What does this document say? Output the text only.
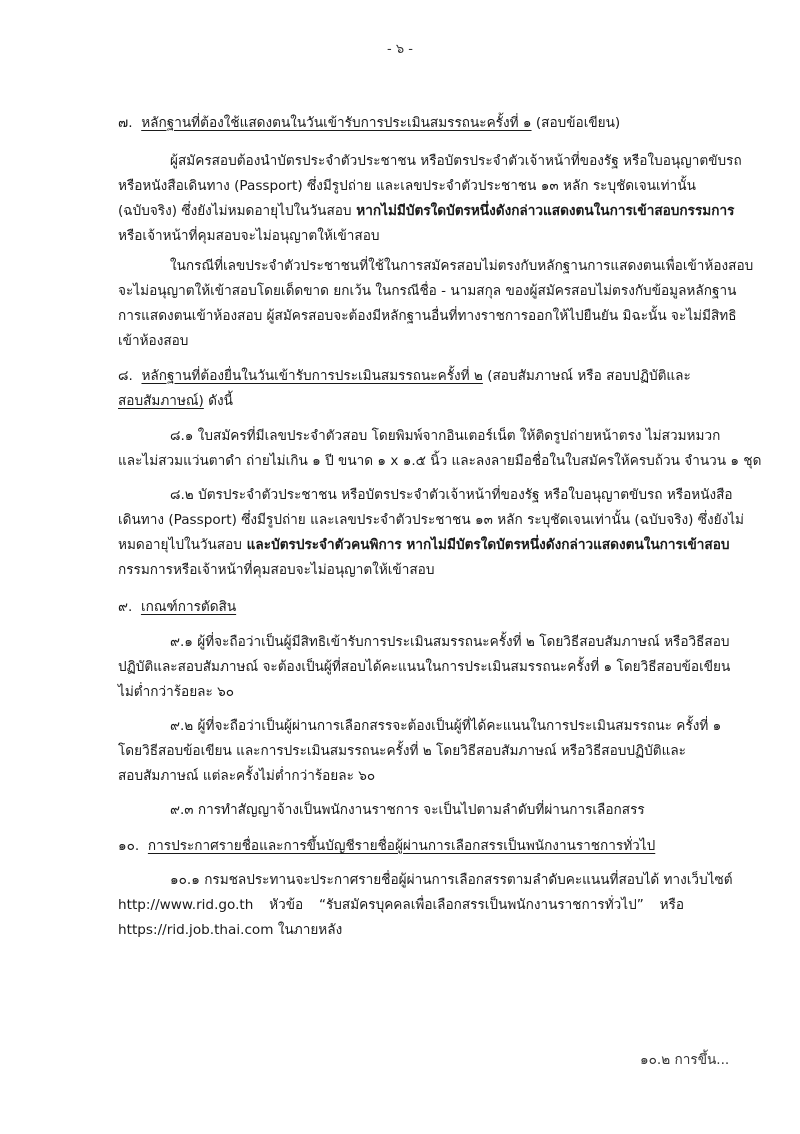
- ๖ -
๗. หลักฐานที่ต้องใช้แสดงตนในวันเข้ารับการประเมินสมรรถนะครั้งที่ ๑ (สอบข้อเขียน)
ผู้สมัครสอบต้องนำบัตรประจำตัวประชาชน หรือบัตรประจำตัวเจ้าหน้าที่ของรัฐ หรือใบอนุญาตขับรถ
หรือหนังสือเดินทาง (Passport) ซึ่งมีรูปถ่าย และเลขประจำตัวประชาชน ๑๓ หลัก ระบุชัดเจนเท่านั้น
(ฉบับจริง) ซึ่งยังไม่หมดอายุไปในวันสอบ หากไม่มีบัตรใดบัตรหนึ่งดังกล่าวแสดงตนในการเข้าสอบกรรมการ
หรือเจ้าหน้าที่คุมสอบจะไม่อนุญาตให้เข้าสอบ
ในกรณีที่เลขประจำตัวประชาชนที่ใช้ในการสมัครสอบไม่ตรงกับหลักฐานการแสดงตนเพื่อเข้าห้องสอบ
จะไม่อนุญาตให้เข้าสอบโดยเด็ดขาด ยกเว้น ในกรณีชื่อ - นามสกุล ของผู้สมัครสอบไม่ตรงกับข้อมูลหลักฐาน
การแสดงตนเข้าห้องสอบ ผู้สมัครสอบจะต้องมีหลักฐานอื่นที่ทางราชการออกให้ไปยืนยัน มิฉะนั้น จะไม่มีสิทธิ
เข้าห้องสอบ
๘. หลักฐานที่ต้องยื่นในวันเข้ารับการประเมินสมรรถนะครั้งที่ ๒ (สอบสัมภาษณ์ หรือ สอบปฏิบัติและ
สอบสัมภาษณ์) ดังนี้
๘.๑ ใบสมัครที่มีเลขประจำตัวสอบ โดยพิมพ์จากอินเตอร์เน็ต ให้ติดรูปถ่ายหน้าตรง ไม่สวมหมวก
และไม่สวมแว่นตาดำ ถ่ายไม่เกิน ๑ ปี ขนาด ๑ x ๑.๕ นิ้ว และลงลายมือชื่อในใบสมัครให้ครบถ้วน จำนวน ๑ ชุด
๘.๒ บัตรประจำตัวประชาชน หรือบัตรประจำตัวเจ้าหน้าที่ของรัฐ หรือใบอนุญาตขับรถ หรือหนังสือ
เดินทาง (Passport) ซึ่งมีรูปถ่าย และเลขประจำตัวประชาชน ๑๓ หลัก ระบุชัดเจนเท่านั้น (ฉบับจริง) ซึ่งยังไม่
หมดอายุไปในวันสอบ และบัตรประจำตัวคนพิการ หากไม่มีบัตรใดบัตรหนึ่งดังกล่าวแสดงตนในการเข้าสอบ
กรรมการหรือเจ้าหน้าที่คุมสอบจะไม่อนุญาตให้เข้าสอบ
๙. เกณฑ์การตัดสิน
๙.๑ ผู้ที่จะถือว่าเป็นผู้มีสิทธิเข้ารับการประเมินสมรรถนะครั้งที่ ๒ โดยวิธีสอบสัมภาษณ์ หรือวิธีสอบ
ปฏิบัติและสอบสัมภาษณ์ จะต้องเป็นผู้ที่สอบได้คะแนนในการประเมินสมรรถนะครั้งที่ ๑ โดยวิธีสอบข้อเขียน
ไม่ต่ำกว่าร้อยละ ๖๐
๙.๒ ผู้ที่จะถือว่าเป็นผู้ผ่านการเลือกสรรจะต้องเป็นผู้ที่ได้คะแนนในการประเมินสมรรถนะ ครั้งที่ ๑
โดยวิธีสอบข้อเขียน และการประเมินสมรรถนะครั้งที่ ๒ โดยวิธีสอบสัมภาษณ์ หรือวิธีสอบปฏิบัติและ
สอบสัมภาษณ์ แต่ละครั้งไม่ต่ำกว่าร้อยละ ๖๐
๙.๓ การทำสัญญาจ้างเป็นพนักงานราชการ จะเป็นไปตามลำดับที่ผ่านการเลือกสรร
๑๐. การประกาศรายชื่อและการขึ้นบัญชีรายชื่อผู้ผ่านการเลือกสรรเป็นพนักงานราชการทั่วไป
๑๐.๑ กรมชลประทานจะประกาศรายชื่อผู้ผ่านการเลือกสรรตามลำดับคะแนนที่สอบได้ ทางเว็บไซต์
http://www.rid.go.th หัวข้อ “รับสมัครบุคคลเพื่อเลือกสรรเป็นพนักงานราชการทั่วไป” หรือ
https://rid.job.thai.com ในภายหลัง
๑๐.๒ การขึ้น...
